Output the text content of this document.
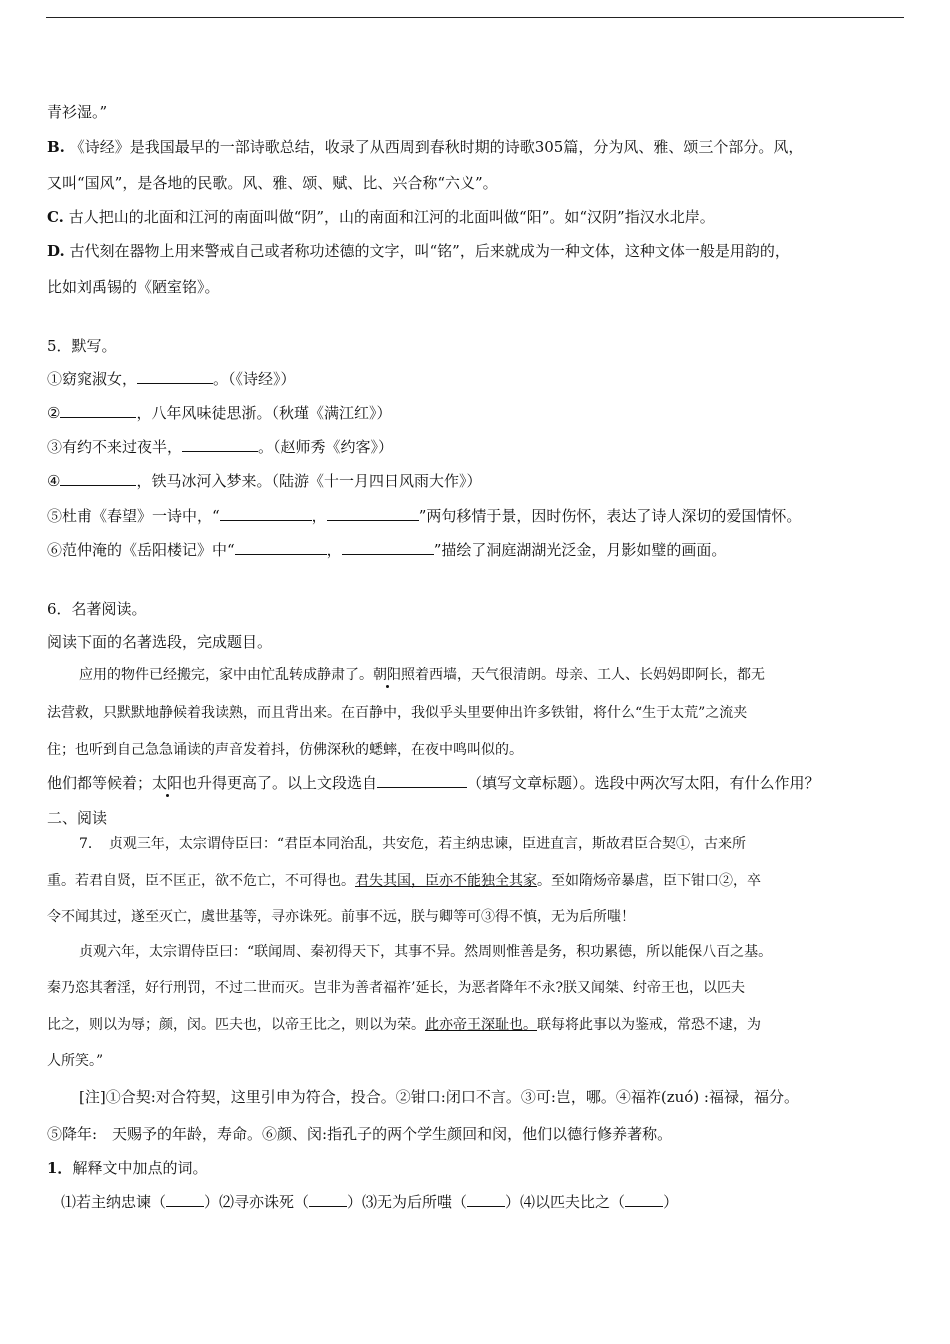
青衫湿。”
B. 《诗经》是我国最早的一部诗歌总结，收录了从西周到春秋时期的诗歌305篇，分为风、雅、颂三个部分。风，
又叫“国风”，是各地的民歌。风、雅、颂、赋、比、兴合称“六义”。
C. 古人把山的北面和江河的南面叫做“阴”，山的南面和江河的北面叫做“阳”。如“汉阴”指汉水北岸。
D. 古代刻在器物上用来警戒自己或者称功述德的文字，叫“铭”，后来就成为一种文体，这种文体一般是用韵的，
比如刘禹锡的《陋室铭》。
5．默写。
①窈窕淑女，	。（《诗经》）
②	，八年风味徒思浙。（秋瑾《满江红》）
③有约不来过夜半，	。（赵师秀《约客》）
④	，铁马冰河入梦来。（陆游《十一月四日风雨大作》）
⑤杜甫《春望》一诗中，“	，	”两句移情于景，因时伤怀，表达了诗人深切的爱国情怀。
⑥范仲淹的《岳阳楼记》中“	，	”描绘了洞庭湖湖光泛金，月影如璧的画面。
6．名著阅读。
阅读下面的名著选段，完成题目。
应用的物件已经搬完，家中由忙乱转成静肃了。朝阳照着西墙，天气很清朗。母亲、工人、长妈妈即阿长，都无
法营救，只默默地静候着我读熟，而且背出来。在百静中，我似乎头里要伸出许多铁钳，将什么“生于太荒”之流夹
住；也听到自己急急诵读的声音发着抖，仿佛深秋的蟋蟀，在夜中鸣叫似的。
他们都等候着；太阳也升得更高了。以上文段选自	（填写文章标题）。选段中两次写太阳，有什么作用？
二、阅读
7．　贞观三年，太宗谓侍臣曰：“君臣本同治乱，共安危，若主纳忠谏，臣进直言，斯故君臣合契①，古来所
重。若君自贤，臣不匡正，欲不危亡，不可得也。君失其国，臣亦不能独全其家。至如隋炀帝暴虐，臣下钳口②，卒
令不闻其过，遂至灭亡，虞世基等，寻亦诛死。前事不远，朕与卿等可③得不慎，无为后所嗤！
贞观六年，太宗谓侍臣曰：“联闻周、秦初得天下，其事不异。然周则惟善是务，积功累德，所以能保八百之基。
秦乃恣其奢淫，好行刑罚，不过二世而灭。岂非为善者福祚’延长，为恶者降年不永?朕又闻桀、纣帝王也，以匹夫
比之，则以为辱；颜，闵。匹夫也，以帝王比之，则以为荣。此亦帝王深耻也。联每将此事以为鉴戒，常恐不逮，为
人所笑。”
[注]①合契:对合符契，这里引申为符合，投合。②钳口:闭口不言。③可:岂，哪。④福祚(zuó) :福禄，福分。
⑤降年:　天赐予的年龄，寿命。⑥颜、闵:指孔子的两个学生颜回和闵，他们以德行修养著称。
1．解释文中加点的词。
⑴若主纳忠谏（	）⑵寻亦诛死（	）⑶无为后所嗤（	）⑷以匹夫比之（	）
